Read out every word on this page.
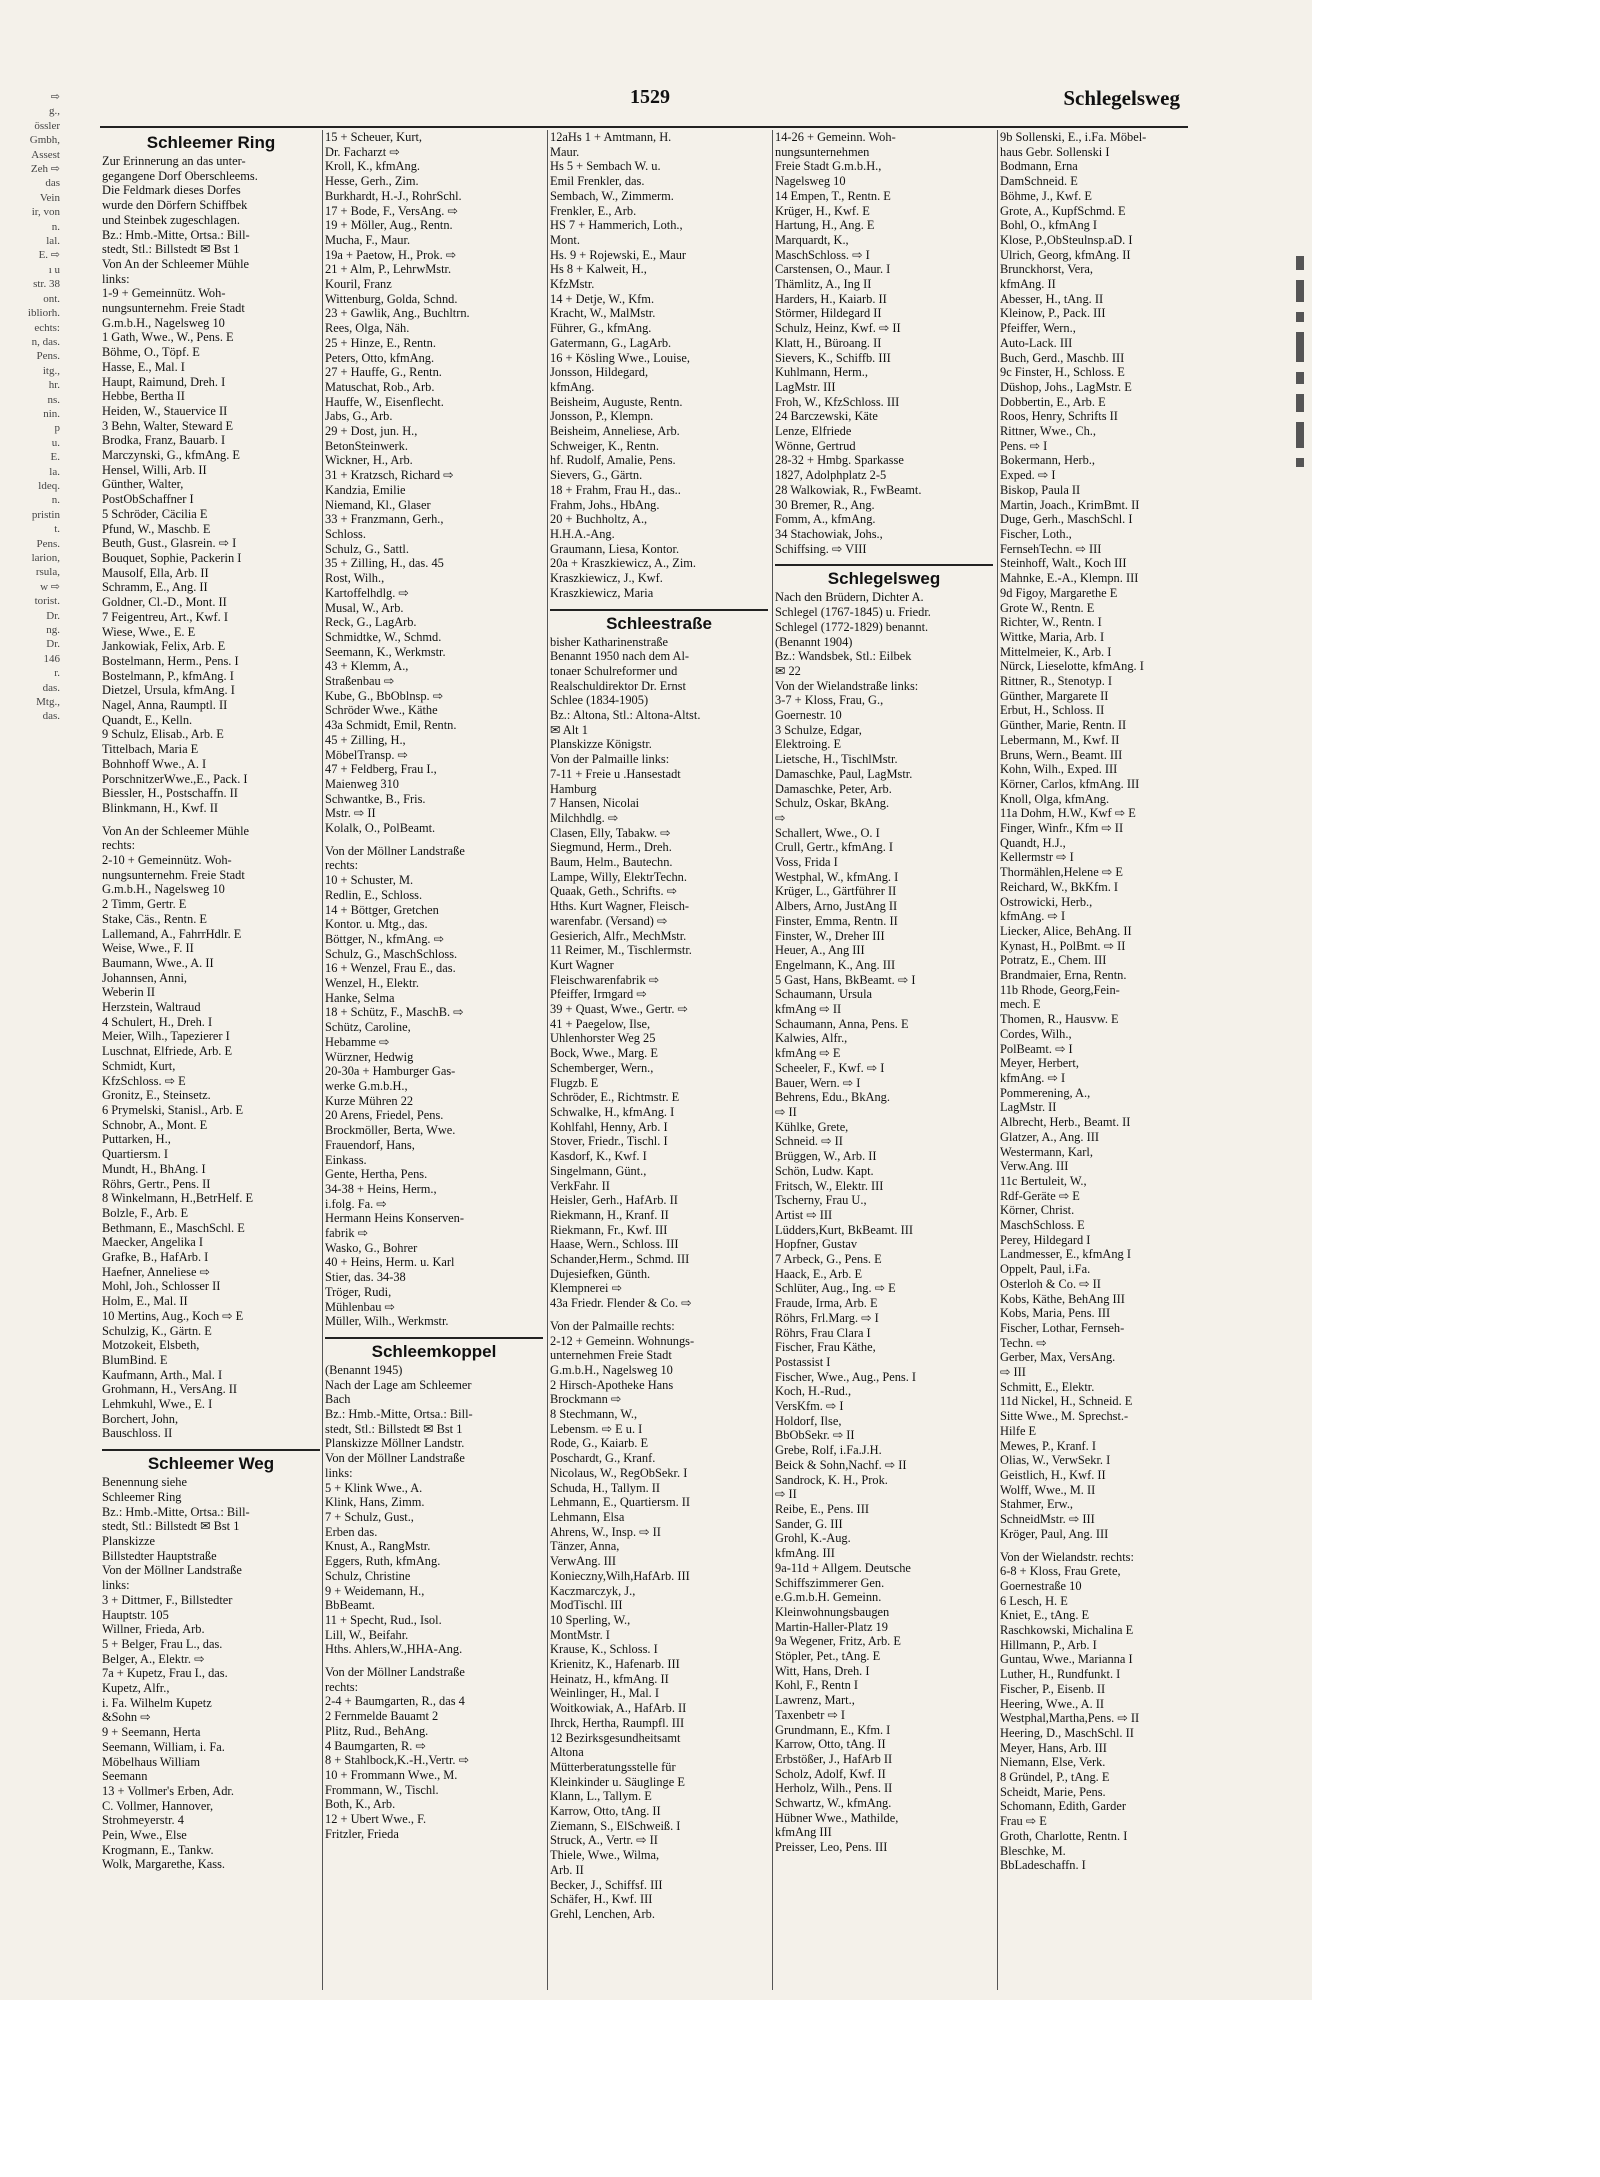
⇨
g.,
össler
Gmbh,
Assest
Zeh ⇨
das
Vein
ir, von
n.
lal.
E. ⇨
ı u
str. 38
ont.
ibliorh.
echts:
n, das.
Pens.
itg.,
hr.
ns.
nin.
p
u.
E.
la.
ldeq.
n.
pristin
t.
Pens.
larion,
rsula,
w ⇨
torist.
Dr.
ng.
Dr.
146
r.
das.
Mtg.,
das.
1529	Schlegelsweg
Schleemer Ring
Zur Erinnerung an das unter-
gegangene Dorf Oberschleems.
Die Feldmark dieses Dorfes
wurde den Dörfern Schiffbek
und Steinbek zugeschlagen.
Bz.: Hmb.-Mitte, Ortsa.: Bill-
stedt, Stl.: Billstedt ✉ Bst 1
Von An der Schleemer Mühle
links:
1-9 + Gemeinnütz. Woh-
nungsunternehm. Freie Stadt
G.m.b.H., Nagelsweg 10
1 Gath, Wwe., W., Pens. E
Böhme, O., Töpf. E
Hasse, E., Mal. I
Haupt, Raimund, Dreh. I
Hebbe, Bertha II
Heiden, W., Stauervice II
3 Behn, Walter, Steward E
Brodka, Franz, Bauarb. I
Marczynski, G., kfmAng. E
Hensel, Willi, Arb. II
Günther, Walter,
PostObSchaffner I
5 Schröder, Cäcilia E
Pfund, W., Maschb. E
Beuth, Gust., Glasrein. ⇨ I
Bouquet, Sophie, Packerin I
Mausolf, Ella, Arb. II
Schramm, E., Ang. II
Goldner, Cl.-D., Mont. II
7 Feigentreu, Art., Kwf. I
Wiese, Wwe., E. E
Jankowiak, Felix, Arb. E
Bostelmann, Herm., Pens. I
Bostelmann, P., kfmAng. I
Dietzel, Ursula, kfmAng. I
Nagel, Anna, Raumptl. II
Quandt, E., Kelln.
9 Schulz, Elisab., Arb. E
Tittelbach, Maria E
Bohnhoff Wwe., A. I
PorschnitzerWwe.,E., Pack. I
Biessler, H., Postschaffn. II
Blinkmann, H., Kwf. II
Von An der Schleemer Mühle
rechts:
2-10 + Gemeinnütz. Woh-
nungsunternehm. Freie Stadt
G.m.b.H., Nagelsweg 10
2 Timm, Gertr. E
Stake, Cäs., Rentn. E
Lallemand, A., FahrrHdlr. E
Weise, Wwe., F. II
Baumann, Wwe., A. II
Johannsen, Anni,
Weberin II
Herzstein, Waltraud
4 Schulert, H., Dreh. I
Meier, Wilh., Tapezierer I
Luschnat, Elfriede, Arb. E
Schmidt, Kurt,
KfzSchloss. ⇨ E
Gronitz, E., Steinsetz.
6 Prymelski, Stanisl., Arb. E
Schnobr, A., Mont. E
Puttarken, H.,
Quartiersm. I
Mundt, H., BhAng. I
Röhrs, Gertr., Pens. II
8 Winkelmann, H.,BetrHelf. E
Bolzle, F., Arb. E
Bethmann, E., MaschSchl. E
Maecker, Angelika I
Grafke, B., HafArb. I
Haefner, Anneliese ⇨
Mohl, Joh., Schlosser II
Holm, E., Mal. II
10 Mertins, Aug., Koch ⇨ E
Schulzig, K., Gärtn. E
Motzokeit, Elsbeth,
BlumBind. E
Kaufmann, Arth., Mal. I
Grohmann, H., VersAng. II
Lehmkuhl, Wwe., E. I
Borchert, John,
Bauschloss. II
Schleemer Weg
Benennung siehe
Schleemer Ring
Bz.: Hmb.-Mitte, Ortsa.: Bill-
stedt, Stl.: Billstedt ✉ Bst 1
Planskizze
Billstedter Hauptstraße
Von der Möllner Landstraße
links:
3 + Dittmer, F., Billstedter
Hauptstr. 105
Willner, Frieda, Arb.
5 + Belger, Frau L., das.
Belger, A., Elektr. ⇨
7a + Kupetz, Frau I., das.
Kupetz, Alfr.,
i. Fa. Wilhelm Kupetz
&Sohn ⇨
9 + Seemann, Herta
Seemann, William, i. Fa.
Möbelhaus William
Seemann
13 + Vollmer's Erben, Adr.
C. Vollmer, Hannover,
Strohmeyerstr. 4
Pein, Wwe., Else
Krogmann, E., Tankw.
Wolk, Margarethe, Kass.
15 + Scheuer, Kurt,
Dr. Facharzt ⇨
Kroll, K., kfmAng.
Hesse, Gerh., Zim.
Burkhardt, H.-J., RohrSchl.
17 + Bode, F., VersAng. ⇨
19 + Möller, Aug., Rentn.
Mucha, F., Maur.
19a + Paetow, H., Prok. ⇨
21 + Alm, P., LehrwMstr.
Kouril, Franz
Wittenburg, Golda, Schnd.
23 + Gawlik, Ang., Buchltrn.
Rees, Olga, Näh.
25 + Hinze, E., Rentn.
Peters, Otto, kfmAng.
27 + Hauffe, G., Rentn.
Matuschat, Rob., Arb.
Hauffe, W., Eisenflecht.
Jabs, G., Arb.
29 + Dost, jun. H.,
BetonSteinwerk.
Wickner, H., Arb.
31 + Kratzsch, Richard ⇨
Kandzia, Emilie
Niemand, Kl., Glaser
33 + Franzmann, Gerh.,
Schloss.
Schulz, G., Sattl.
35 + Zilling, H., das. 45
Rost, Wilh.,
Kartoffelhdlg. ⇨
Musal, W., Arb.
Reck, G., LagArb.
Schmidtke, W., Schmd.
Seemann, K., Werkmstr.
43 + Klemm, A.,
Straßenbau ⇨
Kube, G., BbOblnsp. ⇨
Schröder Wwe., Käthe
43a Schmidt, Emil, Rentn.
45 + Zilling, H.,
MöbelTransp. ⇨
47 + Feldberg, Frau I.,
Maienweg 310
Schwantke, B., Fris.
Mstr. ⇨ II
Kolalk, O., PolBeamt.
Von der Möllner Landstraße
rechts:
10 + Schuster, M.
Redlin, E., Schloss.
14 + Böttger, Gretchen
Kontor. u. Mtg., das.
Böttger, N., kfmAng. ⇨
Schulz, G., MaschSchloss.
16 + Wenzel, Frau E., das.
Wenzel, H., Elektr.
Hanke, Selma
18 + Schütz, F., MaschB. ⇨
Schütz, Caroline,
Hebamme ⇨
Würzner, Hedwig
20-30a + Hamburger Gas-
werke G.m.b.H.,
Kurze Mühren 22
20 Arens, Friedel, Pens.
Brockmöller, Berta, Wwe.
Frauendorf, Hans,
Einkass.
Gente, Hertha, Pens.
34-38 + Heins, Herm.,
i.folg. Fa. ⇨
Hermann Heins Konserven-
fabrik ⇨
Wasko, G., Bohrer
40 + Heins, Herm. u. Karl
Stier, das. 34-38
Tröger, Rudi,
Mühlenbau ⇨
Müller, Wilh., Werkmstr.
Schleemkoppel
(Benannt 1945)
Nach der Lage am Schleemer
Bach
Bz.: Hmb.-Mitte, Ortsa.: Bill-
stedt, Stl.: Billstedt ✉ Bst 1
Planskizze Möllner Landstr.
Von der Möllner Landstraße
links:
5 + Klink Wwe., A.
Klink, Hans, Zimm.
7 + Schulz, Gust.,
Erben das.
Knust, A., RangMstr.
Eggers, Ruth, kfmAng.
Schulz, Christine
9 + Weidemann, H.,
BbBeamt.
11 + Specht, Rud., Isol.
Lill, W., Beifahr.
Hths. Ahlers,W.,HHA-Ang.
Von der Möllner Landstraße
rechts:
2-4 + Baumgarten, R., das 4
2 Fernmelde Bauamt 2
Plitz, Rud., BehAng.
4 Baumgarten, R. ⇨
8 + Stahlbock,K.-H.,Vertr. ⇨
10 + Frommann Wwe., M.
Frommann, W., Tischl.
Both, K., Arb.
12 + Ubert Wwe., F.
Fritzler, Frieda
12aHs 1 + Amtmann, H.
Maur.
Hs 5 + Sembach W. u.
Emil Frenkler, das.
Sembach, W., Zimmerm.
Frenkler, E., Arb.
HS 7 + Hammerich, Loth.,
Mont.
Hs. 9 + Rojewski, E., Maur
Hs 8 + Kalweit, H.,
KfzMstr.
14 + Detje, W., Kfm.
Kracht, W., MalMstr.
Führer, G., kfmAng.
Gatermann, G., LagArb.
16 + Kösling Wwe., Louise,
Jonsson, Hildegard,
kfmAng.
Beisheim, Auguste, Rentn.
Jonsson, P., Klempn.
Beisheim, Anneliese, Arb.
Schweiger, K., Rentn.
hf. Rudolf, Amalie, Pens.
Sievers, G., Gärtn.
18 + Frahm, Frau H., das..
Frahm, Johs., HbAng.
20 + Buchholtz, A.,
H.H.A.-Ang.
Graumann, Liesa, Kontor.
20a + Kraszkiewicz, A., Zim.
Kraszkiewicz, J., Kwf.
Kraszkiewicz, Maria
Schleestraße
bisher Katharinenstraße
Benannt 1950 nach dem Al-
tonaer Schulreformer und
Realschuldirektor Dr. Ernst
Schlee (1834-1905)
Bz.: Altona, Stl.: Altona-Altst.
✉ Alt 1
Planskizze Königstr.
Von der Palmaille links:
7-11 + Freie u .Hansestadt
Hamburg
7 Hansen, Nicolai
Milchhdlg. ⇨
Clasen, Elly, Tabakw. ⇨
Siegmund, Herm., Dreh.
Baum, Helm., Bautechn.
Lampe, Willy, ElektrTechn.
Quaak, Geth., Schrifts. ⇨
Hths. Kurt Wagner, Fleisch-
warenfabr. (Versand) ⇨
Gesierich, Alfr., MechMstr.
11 Reimer, M., Tischlermstr.
Kurt Wagner
Fleischwarenfabrik ⇨
Pfeiffer, Irmgard ⇨
39 + Quast, Wwe., Gertr. ⇨
41 + Paegelow, Ilse,
Uhlenhorster Weg 25
Bock, Wwe., Marg. E
Schemberger, Wern.,
Flugzb. E
Schröder, E., Richtmstr. E
Schwalke, H., kfmAng. I
Kohlfahl, Henny, Arb. I
Stover, Friedr., Tischl. I
Kasdorf, K., Kwf. I
Singelmann, Günt.,
VerkFahr. II
Heisler, Gerh., HafArb. II
Riekmann, H., Kranf. II
Riekmann, Fr., Kwf. III
Haase, Wern., Schloss. III
Schander,Herm., Schmd. III
Dujesiefken, Günth.
Klempnerei ⇨
43a Friedr. Flender & Co. ⇨
Von der Palmaille rechts:
2-12 + Gemeinn. Wohnungs-
unternehmen Freie Stadt
G.m.b.H., Nagelsweg 10
2 Hirsch-Apotheke Hans
Brockmann ⇨
8 Stechmann, W.,
Lebensm. ⇨ E u. I
Rode, G., Kaiarb. E
Poschardt, G., Kranf.
Nicolaus, W., RegObSekr. I
Schuda, H., Tallym. II
Lehmann, E., Quartiersm. II
Lehmann, Elsa
Ahrens, W., Insp. ⇨ II
Tänzer, Anna,
VerwAng. III
Konieczny,Wilh,HafArb. III
Kaczmarczyk, J.,
ModTischl. III
10 Sperling, W.,
MontMstr. I
Krause, K., Schloss. I
Krienitz, K., Hafenarb. III
Heinatz, H., kfmAng. II
Weinlinger, H., Mal. I
Woitkowiak, A., HafArb. II
Ihrck, Hertha, Raumpfl. III
12 Bezirksgesundheitsamt
Altona
Mütterberatungsstelle für
Kleinkinder u. Säuglinge E
Klann, L., Tallym. E
Karrow, Otto, tAng. II
Ziemann, S., ElSchweiß. I
Struck, A., Vertr. ⇨ II
Thiele, Wwe., Wilma,
Arb. II
Becker, J., Schiffsf. III
Schäfer, H., Kwf. III
Grehl, Lenchen, Arb.
14-26 + Gemeinn. Woh-
nungsunternehmen
Freie Stadt G.m.b.H.,
Nagelsweg 10
14 Empen, T., Rentn. E
Krüger, H., Kwf. E
Hartung, H., Ang. E
Marquardt, K.,
MaschSchloss. ⇨ I
Carstensen, O., Maur. I
Thämlitz, A., Ing II
Harders, H., Kaiarb. II
Störmer, Hildegard II
Schulz, Heinz, Kwf. ⇨ II
Klatt, H., Büroang. II
Sievers, K., Schiffb. III
Kuhlmann, Herm.,
LagMstr. III
Froh, W., KfzSchloss. III
24 Barczewski, Käte
Lenze, Elfriede
Wönne, Gertrud
28-32 + Hmbg. Sparkasse
1827, Adolphplatz 2-5
28 Walkowiak, R., FwBeamt.
30 Bremer, R., Ang.
Fomm, A., kfmAng.
34 Stachowiak, Johs.,
Schiffsing. ⇨ VIII
Schlegelsweg
Nach den Brüdern, Dichter A.
Schlegel (1767-1845) u. Friedr.
Schlegel (1772-1829) benannt.
(Benannt 1904)
Bz.: Wandsbek, Stl.: Eilbek
✉ 22
Von der Wielandstraße links:
3-7 + Kloss, Frau, G.,
Goernestr. 10
3 Schulze, Edgar,
Elektroing. E
Lietsche, H., TischlMstr.
Damaschke, Paul, LagMstr.
Damaschke, Peter, Arb.
Schulz, Oskar, BkAng.
⇨
Schallert, Wwe., O. I
Crull, Gertr., kfmAng. I
Voss, Frida I
Westphal, W., kfmAng. I
Krüger, L., Gärtführer II
Albers, Arno, JustAng II
Finster, Emma, Rentn. II
Finster, W., Dreher III
Heuer, A., Ang III
Engelmann, K., Ang. III
5 Gast, Hans, BkBeamt. ⇨ I
Schaumann, Ursula
kfmAng ⇨ II
Schaumann, Anna, Pens. E
Kalwies, Alfr.,
kfmAng ⇨ E
Scheeler, F., Kwf. ⇨ I
Bauer, Wern. ⇨ I
Behrens, Edu., BkAng.
⇨ II
Kühlke, Grete,
Schneid. ⇨ II
Brüggen, W., Arb. II
Schön, Ludw. Kapt.
Fritsch, W., Elektr. III
Tscherny, Frau U.,
Artist ⇨ III
Lüdders,Kurt, BkBeamt. III
Hopfner, Gustav
7 Arbeck, G., Pens. E
Haack, E., Arb. E
Schlüter, Aug., Ing. ⇨ E
Fraude, Irma, Arb. E
Röhrs, Frl.Marg. ⇨ I
Röhrs, Frau Clara I
Fischer, Frau Käthe,
Postassist I
Fischer, Wwe., Aug., Pens. I
Koch, H.-Rud.,
VersKfm. ⇨ I
Holdorf, Ilse,
BbObSekr. ⇨ II
Grebe, Rolf, i.Fa.J.H.
Beick & Sohn,Nachf. ⇨ II
Sandrock, K. H., Prok.
⇨ II
Reibe, E., Pens. III
Sander, G. III
Grohl, K.-Aug.
kfmAng. III
9a-11d + Allgem. Deutsche
Schiffszimmerer Gen.
e.G.m.b.H. Gemeinn.
Kleinwohnungsbaugen
Martin-Haller-Platz 19
9a Wegener, Fritz, Arb. E
Stöpler, Pet., tAng. E
Witt, Hans, Dreh. I
Kohl, F., Rentn I
Lawrenz, Mart.,
Taxenbetr ⇨ I
Grundmann, E., Kfm. I
Karrow, Otto, tAng. II
Erbstößer, J., HafArb II
Scholz, Adolf, Kwf. II
Herholz, Wilh., Pens. II
Schwartz, W., kfmAng.
Hübner Wwe., Mathilde,
kfmAng III
Preisser, Leo, Pens. III
9b Sollenski, E., i.Fa. Möbel-
haus Gebr. Sollenski I
Bodmann, Erna
DamSchneid. E
Böhme, J., Kwf. E
Grote, A., KupfSchmd. E
Bohl, O., kfmAng I
Klose, P.,ObSteulnsp.aD. I
Ulrich, Georg, kfmAng. II
Brunckhorst, Vera,
kfmAng. II
Abesser, H., tAng. II
Kleinow, P., Pack. III
Pfeiffer, Wern.,
Auto-Lack. III
Buch, Gerd., Maschb. III
9c Finster, H., Schloss. E
Düshop, Johs., LagMstr. E
Dobbertin, E., Arb. E
Roos, Henry, Schrifts II
Rittner, Wwe., Ch.,
Pens. ⇨ I
Bokermann, Herb.,
Exped. ⇨ I
Biskop, Paula II
Martin, Joach., KrimBmt. II
Duge, Gerh., MaschSchl. I
Fischer, Loth.,
FernsehTechn. ⇨ III
Steinhoff, Walt., Koch III
Mahnke, E.-A., Klempn. III
9d Figoy, Margarethe E
Grote W., Rentn. E
Richter, W., Rentn. I
Wittke, Maria, Arb. I
Mittelmeier, K., Arb. I
Nürck, Lieselotte, kfmAng. I
Rittner, R., Stenotyp. I
Günther, Margarete II
Erbut, H., Schloss. II
Günther, Marie, Rentn. II
Lebermann, M., Kwf. II
Bruns, Wern., Beamt. III
Kohn, Wilh., Exped. III
Körner, Carlos, kfmAng. III
Knoll, Olga, kfmAng.
11a Dohm, H.W., Kwf ⇨ E
Finger, Winfr., Kfm ⇨ II
Quandt, H.J.,
Kellermstr ⇨ I
Thormählen,Helene ⇨ E
Reichard, W., BkKfm. I
Ostrowicki, Herb.,
kfmAng. ⇨ I
Liecker, Alice, BehAng. II
Kynast, H., PolBmt. ⇨ II
Potratz, E., Chem. III
Brandmaier, Erna, Rentn.
11b Rhode, Georg,Fein-
mech. E
Thomen, R., Hausvw. E
Cordes, Wilh.,
PolBeamt. ⇨ I
Meyer, Herbert,
kfmAng. ⇨ I
Pommerening, A.,
LagMstr. II
Albrecht, Herb., Beamt. II
Glatzer, A., Ang. III
Westermann, Karl,
Verw.Ang. III
11c Bertuleit, W.,
Rdf-Geräte ⇨ E
Körner, Christ.
MaschSchloss. E
Perey, Hildegard I
Landmesser, E., kfmAng I
Oppelt, Paul, i.Fa.
Osterloh & Co. ⇨ II
Kobs, Käthe, BehAng III
Kobs, Maria, Pens. III
Fischer, Lothar, Fernseh-
Techn. ⇨
Gerber, Max, VersAng.
⇨ III
Schmitt, E., Elektr.
11d Nickel, H., Schneid. E
Sitte Wwe., M. Sprechst.-
Hilfe E
Mewes, P., Kranf. I
Olias, W., VerwSekr. I
Geistlich, H., Kwf. II
Wolff, Wwe., M. II
Stahmer, Erw.,
SchneidMstr. ⇨ III
Kröger, Paul, Ang. III
Von der Wielandstr. rechts:
6-8 + Kloss, Frau Grete,
Goernestraße 10
6 Lesch, H. E
Kniet, E., tAng. E
Raschkowski, Michalina E
Hillmann, P., Arb. I
Guntau, Wwe., Marianna I
Luther, H., Rundfunkt. I
Fischer, P., Eisenb. II
Heering, Wwe., A. II
Westphal,Martha,Pens. ⇨ II
Heering, D., MaschSchl. II
Meyer, Hans, Arb. III
Niemann, Else, Verk.
8 Gründel, P., tAng. E
Scheidt, Marie, Pens.
Schomann, Edith, Garder
Frau ⇨ E
Groth, Charlotte, Rentn. I
Bleschke, M.
BbLadeschaffn. I
